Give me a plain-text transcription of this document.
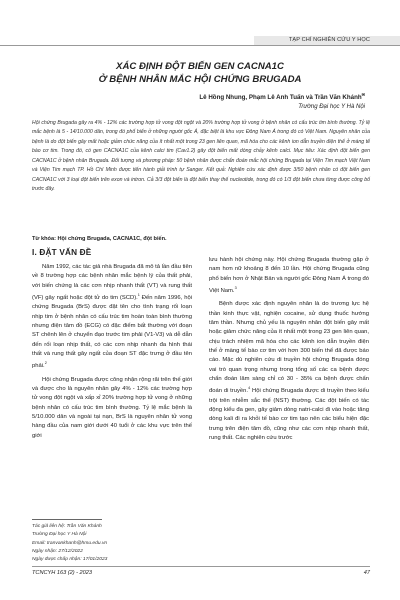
TẠP CHÍ NGHIÊN CỨU Y HỌC
XÁC ĐỊNH ĐỘT BIẾN GEN CACNA1C
Ở BỆNH NHÂN MẮC HỘI CHỨNG BRUGADA
Lê Hồng Nhung, Phạm Lê Anh Tuấn và Trần Văn Khánh✉
Trường Đại học Y Hà Nội

Hội chứng Brugada gây ra 4% - 12% các trường hợp tử vong đột ngột và 20% trường hợp tử vong ở bệnh nhân có cấu trúc tim bình thường. Tỷ lệ mắc bệnh là 5 - 14/10.000 dân, trong đó phổ biến ở những người gốc Á, đặc biệt là khu vực Đông Nam Á trong đó có Việt Nam. Nguyên nhân của bệnh là do đột biến gây mất hoặc giảm chức năng của ít nhất một trong 23 gen liên quan, mã hóa cho các kênh ion dẫn truyền điện thế ở màng tế bào cơ tim. Trong đó, có gen CACNA1C của kênh calci tim (Cav1.2) gây đột biến mất dòng chảy kênh calci. Mục tiêu: Xác định đột biến gen CACNA1C ở bệnh nhân Brugada. Đối tượng và phương pháp: 50 bệnh nhân được chẩn đoán mắc hội chứng Brugada tại Viện Tim mạch Việt Nam và Viện Tim mạch TP. Hồ Chí Minh được tiến hành giải trình tự Sanger. Kết quả: Nghiên cứu xác định được 3/50 bệnh nhân có đột biến gen CACNA1C với 3 loại đột biến trên exon và intron. Cả 3/3 đột biến là đột biến thay thế nucleotide, trong đó có 1/3 đột biến chưa từng được công bố trước đây.

Từ khóa: Hội chứng Brugada, CACNA1C, đột biến.
I. ĐẶT VẤN ĐỀ

Năm 1992, các tác giả nhà Brugada đã mô tả lần đầu tiên về 8 trường hợp các bệnh nhân mắc bệnh lý của thất phải, với biến chứng là các cơn nhịp nhanh thất (VT) và rung thất (VF) gây ngất hoặc đột tử do tim (SCD).$^1$ Đến năm 1996, hội chứng Brugada (BrS) được đặt tên cho tình trạng rối loạn nhịp tim ở bệnh nhân có cấu trúc tim hoàn toàn bình thường nhưng điện tâm đồ (ECG) có đặc điểm bất thường với đoạn ST chênh lên ở chuyển đạo trước tim phải (V1-V3) và dễ dẫn đến rối loạn nhịp thất, có các cơn nhịp nhanh đa hình thái thất và rung thất gây ngất của đoạn ST đặc trưng ở đầu tên phải.$^2$

Hội chứng Brugada được công nhận rộng rãi trên thế giới và được cho là nguyên nhân gây 4% - 12% các trường hợp tử vong đột ngột và xấp xỉ 20% trường hợp tử vong ở những bệnh nhân có cấu trúc tim bình thường. Tỷ lệ mắc bệnh là 5/10.000 dân và ngoài tại nạn, BrS là nguyên nhân tử vong hàng đầu của nam giới dưới 40 tuổi ở các khu vực trên thế giới

lưu hành hội chứng này. Hội chứng Brugada thường gặp ở nam hơn nữ khoảng 8 đến 10 lần. Hội chứng Brugada cũng phổ biến hơn ở Nhật Bản và người gốc Đông Nam Á trong đó Việt Nam.$^3$

Bệnh được xác định nguyên nhân là do trương lực hệ thần kinh thực vật, nghiện cocaine, sử dụng thuốc hướng tâm thần. Nhưng chủ yếu là nguyên nhân đột biến gây mất hoặc giảm chức năng của ít nhất một trong 23 gen liên quan, chịu trách nhiệm mã hóa cho các kênh ion dẫn truyền điện thế ở màng tế bào cơ tim với hơn 300 biến thể đã được báo cáo. Mặc dù nghiên cứu di truyền hội chứng Brugada đóng vai trò quan trọng nhưng trong tổng số các ca bệnh được chẩn đoán lâm sàng chỉ có 30 - 35% ca bệnh được chẩn đoán di truyền.$^4$ Hội chứng Brugada được di truyền theo kiểu trội trên nhiễm sắc thể (NST) thường. Các đột biến có tác động kiểu đa gen, gây giảm dòng natri-calci đi vào hoặc tăng dòng kali đi ra khỏi tế bào cơ tim tạo nên các biểu hiện đặc trưng trên điện tâm đồ, cũng như các cơn nhịp nhanh thất, rung thất. Các nghiên cứu trước

Tác giả liên hệ: Trần Văn Khánh
Trường Đại học Y Hà Nội
Email: tranvankhanh@hmu.edu.vn
Ngày nhận: 27/12/2022
Ngày được chấp nhận: 17/01/2023
TCNCYH 163 (2) - 2023	47
